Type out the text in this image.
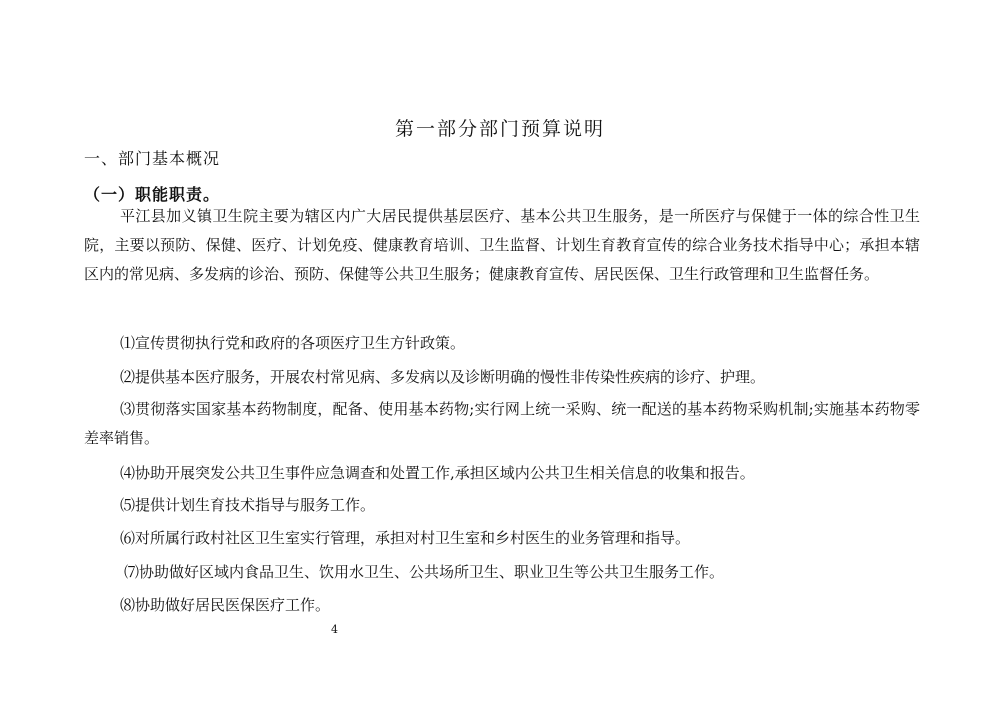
第一部分部门预算说明
一、部门基本概况
（一）职能职责。

平江县加义镇卫生院主要为辖区内广大居民提供基层医疗、基本公共卫生服务，是一所医疗与保健于一体的综合性卫生院，主要以预防、保健、医疗、计划免疫、健康教育培训、卫生监督、计划生育教育宣传的综合业务技术指导中心；承担本辖区内的常见病、多发病的诊治、预防、保健等公共卫生服务；健康教育宣传、居民医保、卫生行政管理和卫生监督任务。

⑴宣传贯彻执行党和政府的各项医疗卫生方针政策。

⑵提供基本医疗服务，开展农村常见病、多发病以及诊断明确的慢性非传染性疾病的诊疗、护理。

⑶贯彻落实国家基本药物制度，配备、使用基本药物;实行网上统一采购、统一配送的基本药物采购机制;实施基本药物零差率销售。

⑷协助开展突发公共卫生事件应急调查和处置工作,承担区域内公共卫生相关信息的收集和报告。

⑸提供计划生育技术指导与服务工作。

⑹对所属行政村社区卫生室实行管理，承担对村卫生室和乡村医生的业务管理和指导。

⑺协助做好区域内食品卫生、饮用水卫生、公共场所卫生、职业卫生等公共卫生服务工作。

⑻协助做好居民医保医疗工作。

4
